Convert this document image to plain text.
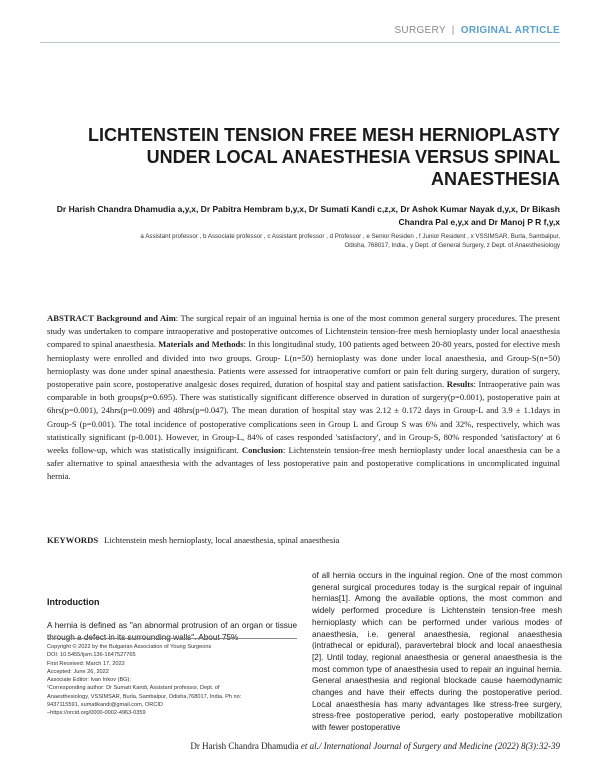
SURGERY | ORIGINAL ARTICLE
LICHTENSTEIN TENSION FREE MESH HERNIOPLASTY
UNDER LOCAL ANAESTHESIA VERSUS SPINAL
ANAESTHESIA
Dr Harish Chandra Dhamudia a,y,x, Dr Pabitra Hembram b,y,x, Dr Sumati Kandi c,z,x, Dr Ashok Kumar Nayak d,y,x, Dr Bikash
Chandra Pal e,y,x and Dr Manoj P R f,y,x
a Assistant professor , b Associate professor , c Assistant professor , d Professor , e Senior Residen , f Junior Resident , x VSSIMSAR, Burla, Sambalpur,
Odisha, 768017, India., y Dept. of General Surgery, z Dept. of Anaesthesiology

ABSTRACT Background and Aim: The surgical repair of an inguinal hernia is one of the most common general surgery procedures. The present study was undertaken to compare intraoperative and postoperative outcomes of Lichtenstein tension-free mesh hernioplasty under local anaesthesia compared to spinal anaesthesia. Materials and Methods: In this longitudinal study, 100 patients aged between 20-80 years, posted for elective mesh hernioplasty were enrolled and divided into two groups. Group- L(n=50) hernioplasty was done under local anaesthesia, and Group-S(n=50) hernioplasty was done under spinal anaesthesia. Patients were assessed for intraoperative comfort or pain felt during surgery, duration of surgery, postoperative pain score, postoperative analgesic doses required, duration of hospital stay and patient satisfaction. Results: Intraoperative pain was comparable in both groups(p=0.695). There was statistically significant difference observed in duration of surgery(p=0.001), postoperative pain at 6hrs(p=0.001), 24hrs(p=0.009) and 48hrs(p=0.047). The mean duration of hospital stay was 2.12 ± 0.172 days in Group-L and 3.9 ± 1.1days in Group-S (p=0.001). The total incidence of postoperative complications seen in Group L and Group S was 6% and 32%, respectively, which was statistically significant (p-0.001). However, in Group-L, 84% of cases responded 'satisfactory', and in Group-S, 80% responded 'satisfactory' at 6 weeks follow-up, which was statistically insignificant. Conclusion: Lichtenstein tension-free mesh hernioplasty under local anaesthesia can be a safer alternative to spinal anaesthesia with the advantages of less postoperative pain and postoperative complications in uncomplicated inguinal hernia.

KEYWORDS Lichtenstein mesh hernioplasty, local anaesthesia, spinal anaesthesia
Introduction

A hernia is defined as "an abnormal protrusion of an organ or tissue

Copyright © 2022 by the Bulgarian Association of Young Surgeons
DOI: 10.5455/ijsm.136-1647527765
First Received: March 17, 2022
Accepted: June 26, 2022
Associate Editor: Ivan Inkov (BG);
¹Corresponding author: Dr Sumati Kandi, Assistant professor, Dept. of
Anaesthesiology, VSSIMSAR, Burla, Sambalpur, Odisha,768017, India. Ph no:
9437115591, sumatikandi@gmail.com, ORCID
–https://orcid.org/0000-0002-4963-0359

of all hernia occurs in the inguinal region. One of the most common general surgical procedures today is the surgical repair of inguinal hernias[1]. Among the available options, the most common and widely performed procedure is Lichtenstein tension-free mesh hernioplasty which can be performed under various modes of anaesthesia, i.e. general anaesthesia, regional anaesthesia (intrathecal or epidural), paravertebral block and local anaesthesia [2]. Until today, regional anaesthesia or general anaesthesia is the most common type of anaesthesia used to repair an inguinal hernia. General anaesthesia and regional blockade cause haemodynamic changes and have their effects during the postoperative period. Local anaesthesia has many advantages like stress-free surgery, stress-free postoperative period, early postoperative mobilization with fewer postoperative

Dr Harish Chandra Dhamudia et al./ International Journal of Surgery and Medicine (2022) 8(3):32-39
